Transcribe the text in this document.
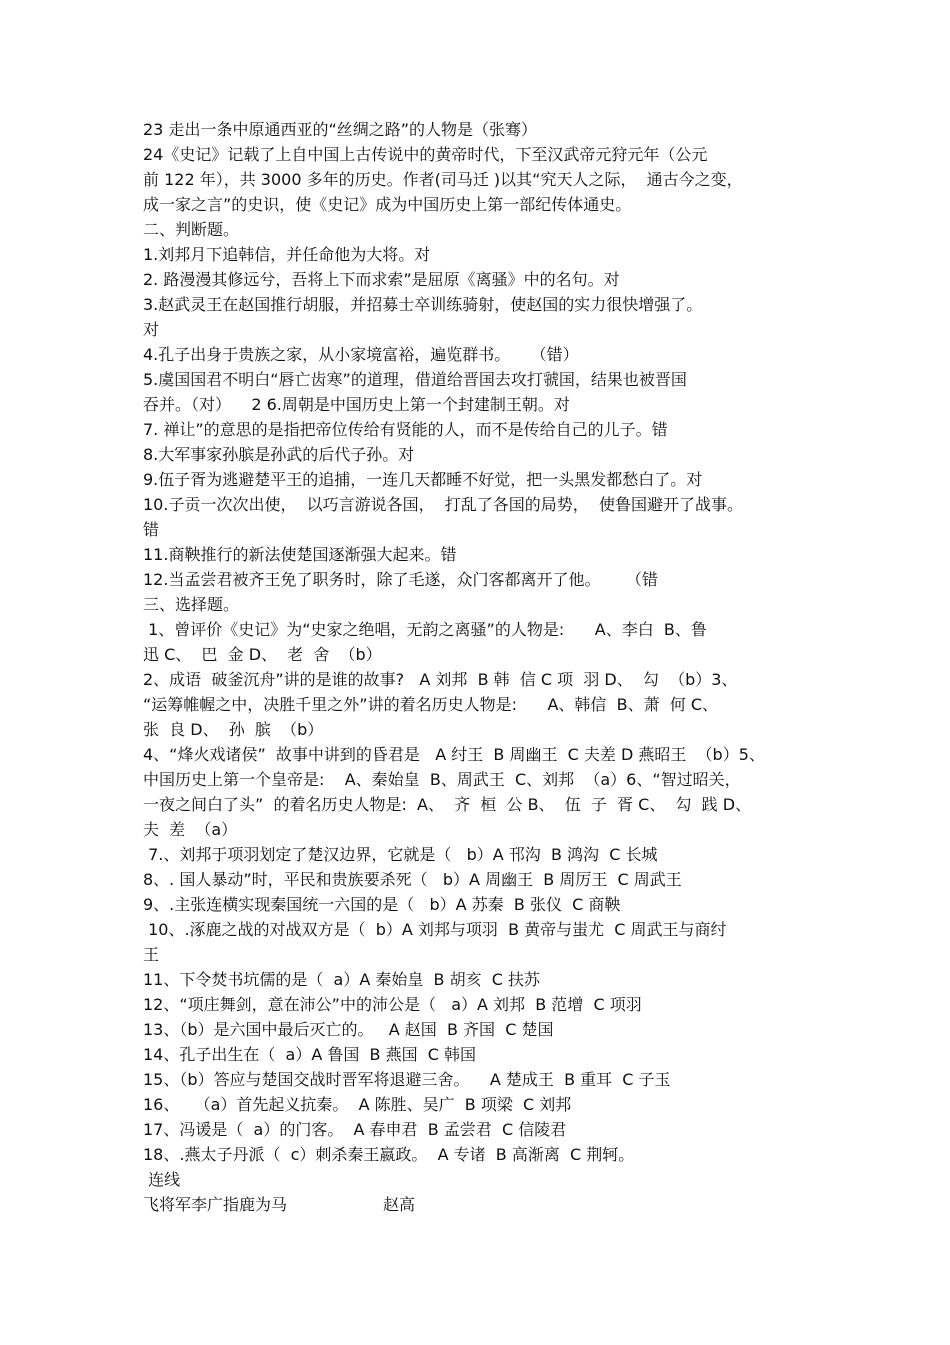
23 走出一条中原通西亚的“丝绸之路”的人物是（张骞）
24《史记》记载了上自中国上古传说中的黄帝时代，下至汉武帝元狩元年（公元
前 122 年），共 3000 多年的历史。作者(司马迁 )以其“究天人之际，  通古今之变，
成一家之言”的史识，使《史记》成为中国历史上第一部纪传体通史。
二、判断题。
1.刘邦月下追韩信，并任命他为大将。对
2. 路漫漫其修远兮，吾将上下而求索”是屈原《离骚》中的名句。对
3.赵武灵王在赵国推行胡服，并招募士卒训练骑射，使赵国的实力很快增强了。
对
4.孔子出身于贵族之家，从小家境富裕，遍览群书。    （错）
5.虞国国君不明白“唇亡齿寒”的道理，借道给晋国去攻打虢国，结果也被晋国
吞并。（对）    2 6.周朝是中国历史上第一个封建制王朝。对
7. 禅让”的意思的是指把帝位传给有贤能的人，而不是传给自己的儿子。错
8.大军事家孙膑是孙武的后代子孙。对
9.伍子胥为逃避楚平王的追捕，一连几天都睡不好觉，把一头黑发都愁白了。对
10.子贡一次次出使，  以巧言游说各国，  打乱了各国的局势，  使鲁国避开了战事。
错
11.商鞅推行的新法使楚国逐渐强大起来。错
12.当孟尝君被齐王免了职务时，除了毛遂，众门客都离开了他。     （错
三、选择题。
1、曾评价《史记》为“史家之绝唱，无韵之离骚”的人物是:      A、李白  B、鲁
迅 C、  巴  金 D、  老  舍  （b）
2、成语  破釜沉舟”讲的是谁的故事?   A 刘邦  B 韩  信 C 项  羽 D、  勾  （b）3、
“运筹帷幄之中，决胜千里之外”讲的着名历史人物是:      A、韩信  B、萧  何 C、
张  良 D、  孙  膑  （b）
4、“烽火戏诸侯”  故事中讲到的昏君是   A 纣王  B 周幽王  C 夫差 D 燕昭王  （b）5、
中国历史上第一个皇帝是:    A、秦始皇  B、周武王  C、刘邦  （a）6、“智过昭关，
一夜之间白了头”  的着名历史人物是:  A、  齐  桓  公 B、  伍  子  胥 C、  勾  践 D、
夫  差  （a）
7.、刘邦于项羽划定了楚汉边界，它就是（   b）A 邗沟  B 鸿沟  C 长城
8、. 国人暴动”时，平民和贵族要杀死（   b）A 周幽王  B 周厉王  C 周武王
9、.主张连横实现秦国统一六国的是（   b）A 苏秦  B 张仪  C 商鞅
10、.涿鹿之战的对战双方是（  b）A 刘邦与项羽  B 黄帝与蚩尤  C 周武王与商纣
王
11、下令焚书坑儒的是（  a）A 秦始皇  B 胡亥  C 扶苏
12、“项庄舞剑，意在沛公”中的沛公是（   a）A 刘邦  B 范增  C 项羽
13、（b）是六国中最后灭亡的。   A 赵国  B 齐国  C 楚国
14、孔子出生在（  a）A 鲁国  B 燕国  C 韩国
15、（b）答应与楚国交战时晋军将退避三舍。    A 楚成王  B 重耳  C 子玉
16、   （a）首先起义抗秦。  A 陈胜、吴广  B 项梁  C 刘邦
17、冯谖是（  a）的门客。  A 春申君  B 孟尝君  C 信陵君
18、.燕太子丹派（  c）刺杀秦王嬴政。  A 专诸  B 高渐离  C 荆轲。
连线
飞将军李广指鹿为马	赵高
